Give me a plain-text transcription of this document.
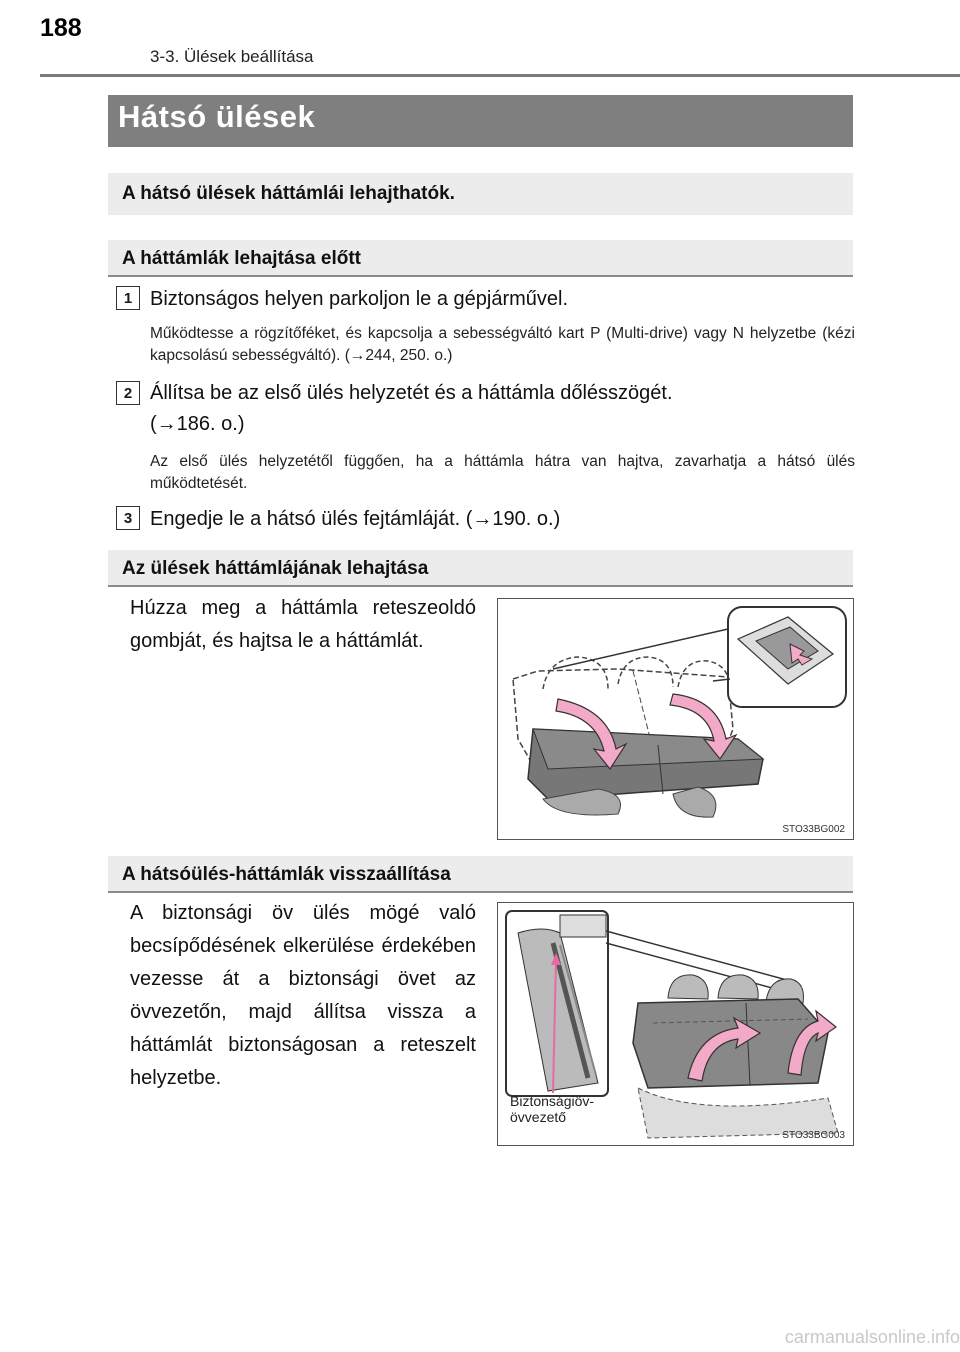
188
3-3. Ülések beállítása
Hátsó ülések
A hátsó ülések háttámlái lehajthatók.
A háttámlák lehajtása előtt
1 Biztonságos helyen parkoljon le a gépjárművel.
Működtesse a rögzítőféket, és kapcsolja a sebességváltó kart P (Multi-drive) vagy N helyzetbe (kézi kapcsolású sebességváltó). (→244, 250. o.)
2 Állítsa be az első ülés helyzetét és a háttámla dőlésszögét.
(→186. o.)
Az első ülés helyzetétől függően, ha a háttámla hátra van hajtva, zavarhatja a hátsó ülés működtetését.
3 Engedje le a hátsó ülés fejtámláját. (→190. o.)
Az ülések háttámlájának lehajtása
Húzza meg a háttámla reteszeoldó gombját, és hajtsa le a háttámlát.
STO33BG002
A hátsóülés-háttámlák visszaállítása
A biztonsági öv ülés mögé való becsípődésének elkerülése érdekében vezesse át a biztonsági övet az övvezetőn, majd állítsa vissza a háttámlát biztonságosan a reteszelt helyzetbe.
Biztonságiöv-
övvezető
STO33BG003
carmanualsonline.info
